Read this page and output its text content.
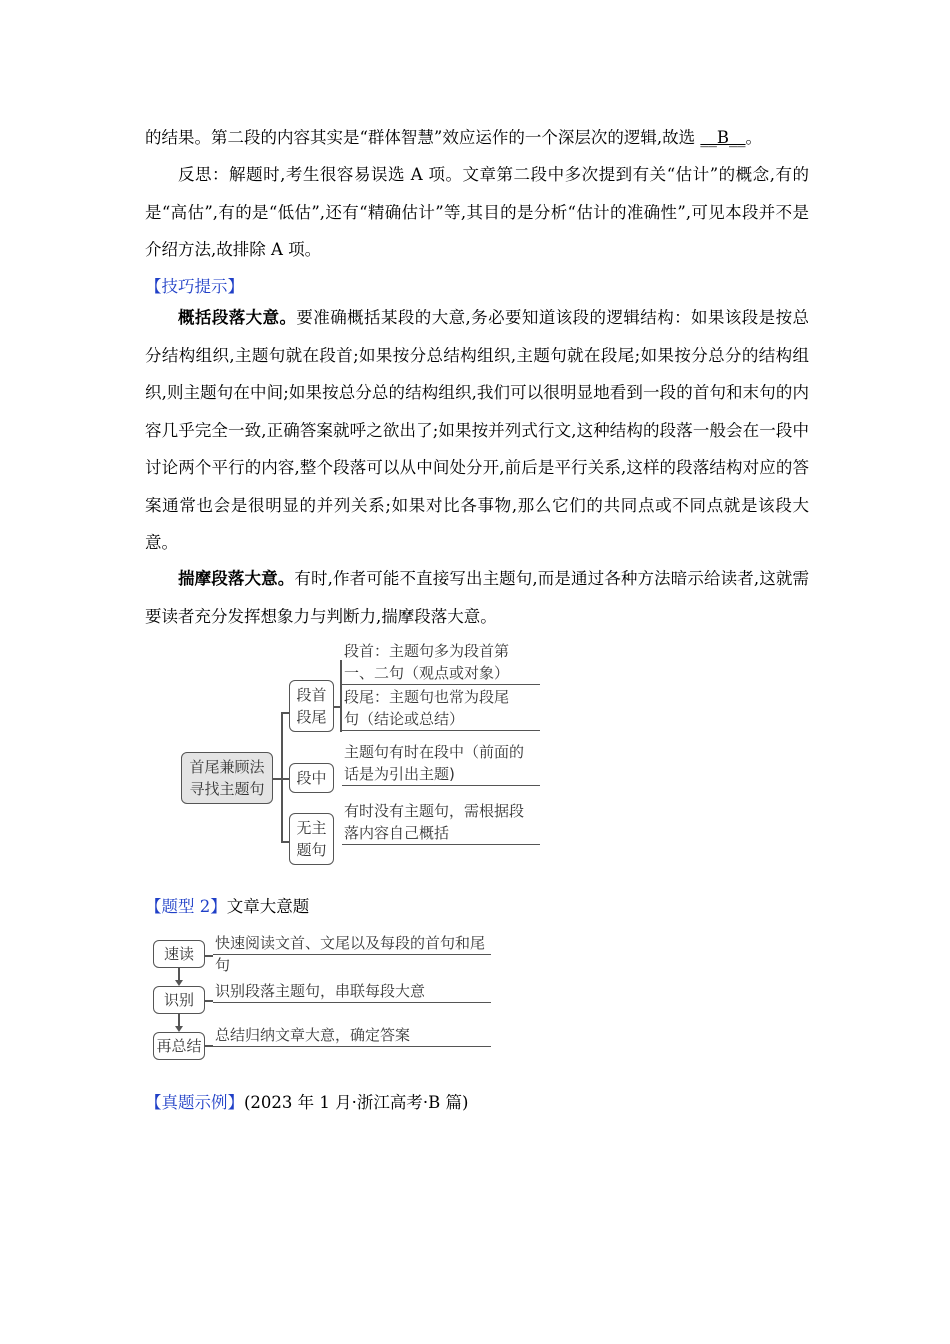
的结果。第二段的内容其实是“群体智慧”效应运作的一个深层次的逻辑,故选 __B__。

反思：解题时,考生很容易误选 A 项。文章第二段中多次提到有关“估计”的概念,有的是“高估”,有的是“低估”,还有“精确估计”等,其目的是分析“估计的准确性”,可见本段并不是介绍方法,故排除 A 项。

【技巧提示】

概括段落大意。要准确概括某段的大意,务必要知道该段的逻辑结构：如果该段是按总分结构组织,主题句就在段首;如果按分总结构组织,主题句就在段尾;如果按分总分的结构组织,则主题句在中间;如果按总分总的结构组织,我们可以很明显地看到一段的首句和末句的内容几乎完全一致,正确答案就呼之欲出了;如果按并列式行文,这种结构的段落一般会在一段中讨论两个平行的内容,整个段落可以从中间处分开,前后是平行关系,这样的段落结构对应的答案通常也会是很明显的并列关系;如果对比各事物,那么它们的共同点或不同点就是该段大意。

揣摩段落大意。有时,作者可能不直接写出主题句,而是通过各种方法暗示给读者,这就需要读者充分发挥想象力与判断力,揣摩段落大意。

首尾兼顾法
寻找主题句
段首
段尾
段首：主题句多为段首第
一、二句（观点或对象）
段尾：主题句也常为段尾
句（结论或总结）
段中
主题句有时在段中（前面的
话是为引出主题)
无主
题句
有时没有主题句，需根据段
落内容自己概括

【题型 2】文章大意题

速读
快速阅读文首、文尾以及每段的首句和尾句
识别 识别段落主题句，串联每段大意
再总结
总结归纳文章大意，确定答案

【真题示例】(2023 年 1 月·浙江高考·B 篇)
